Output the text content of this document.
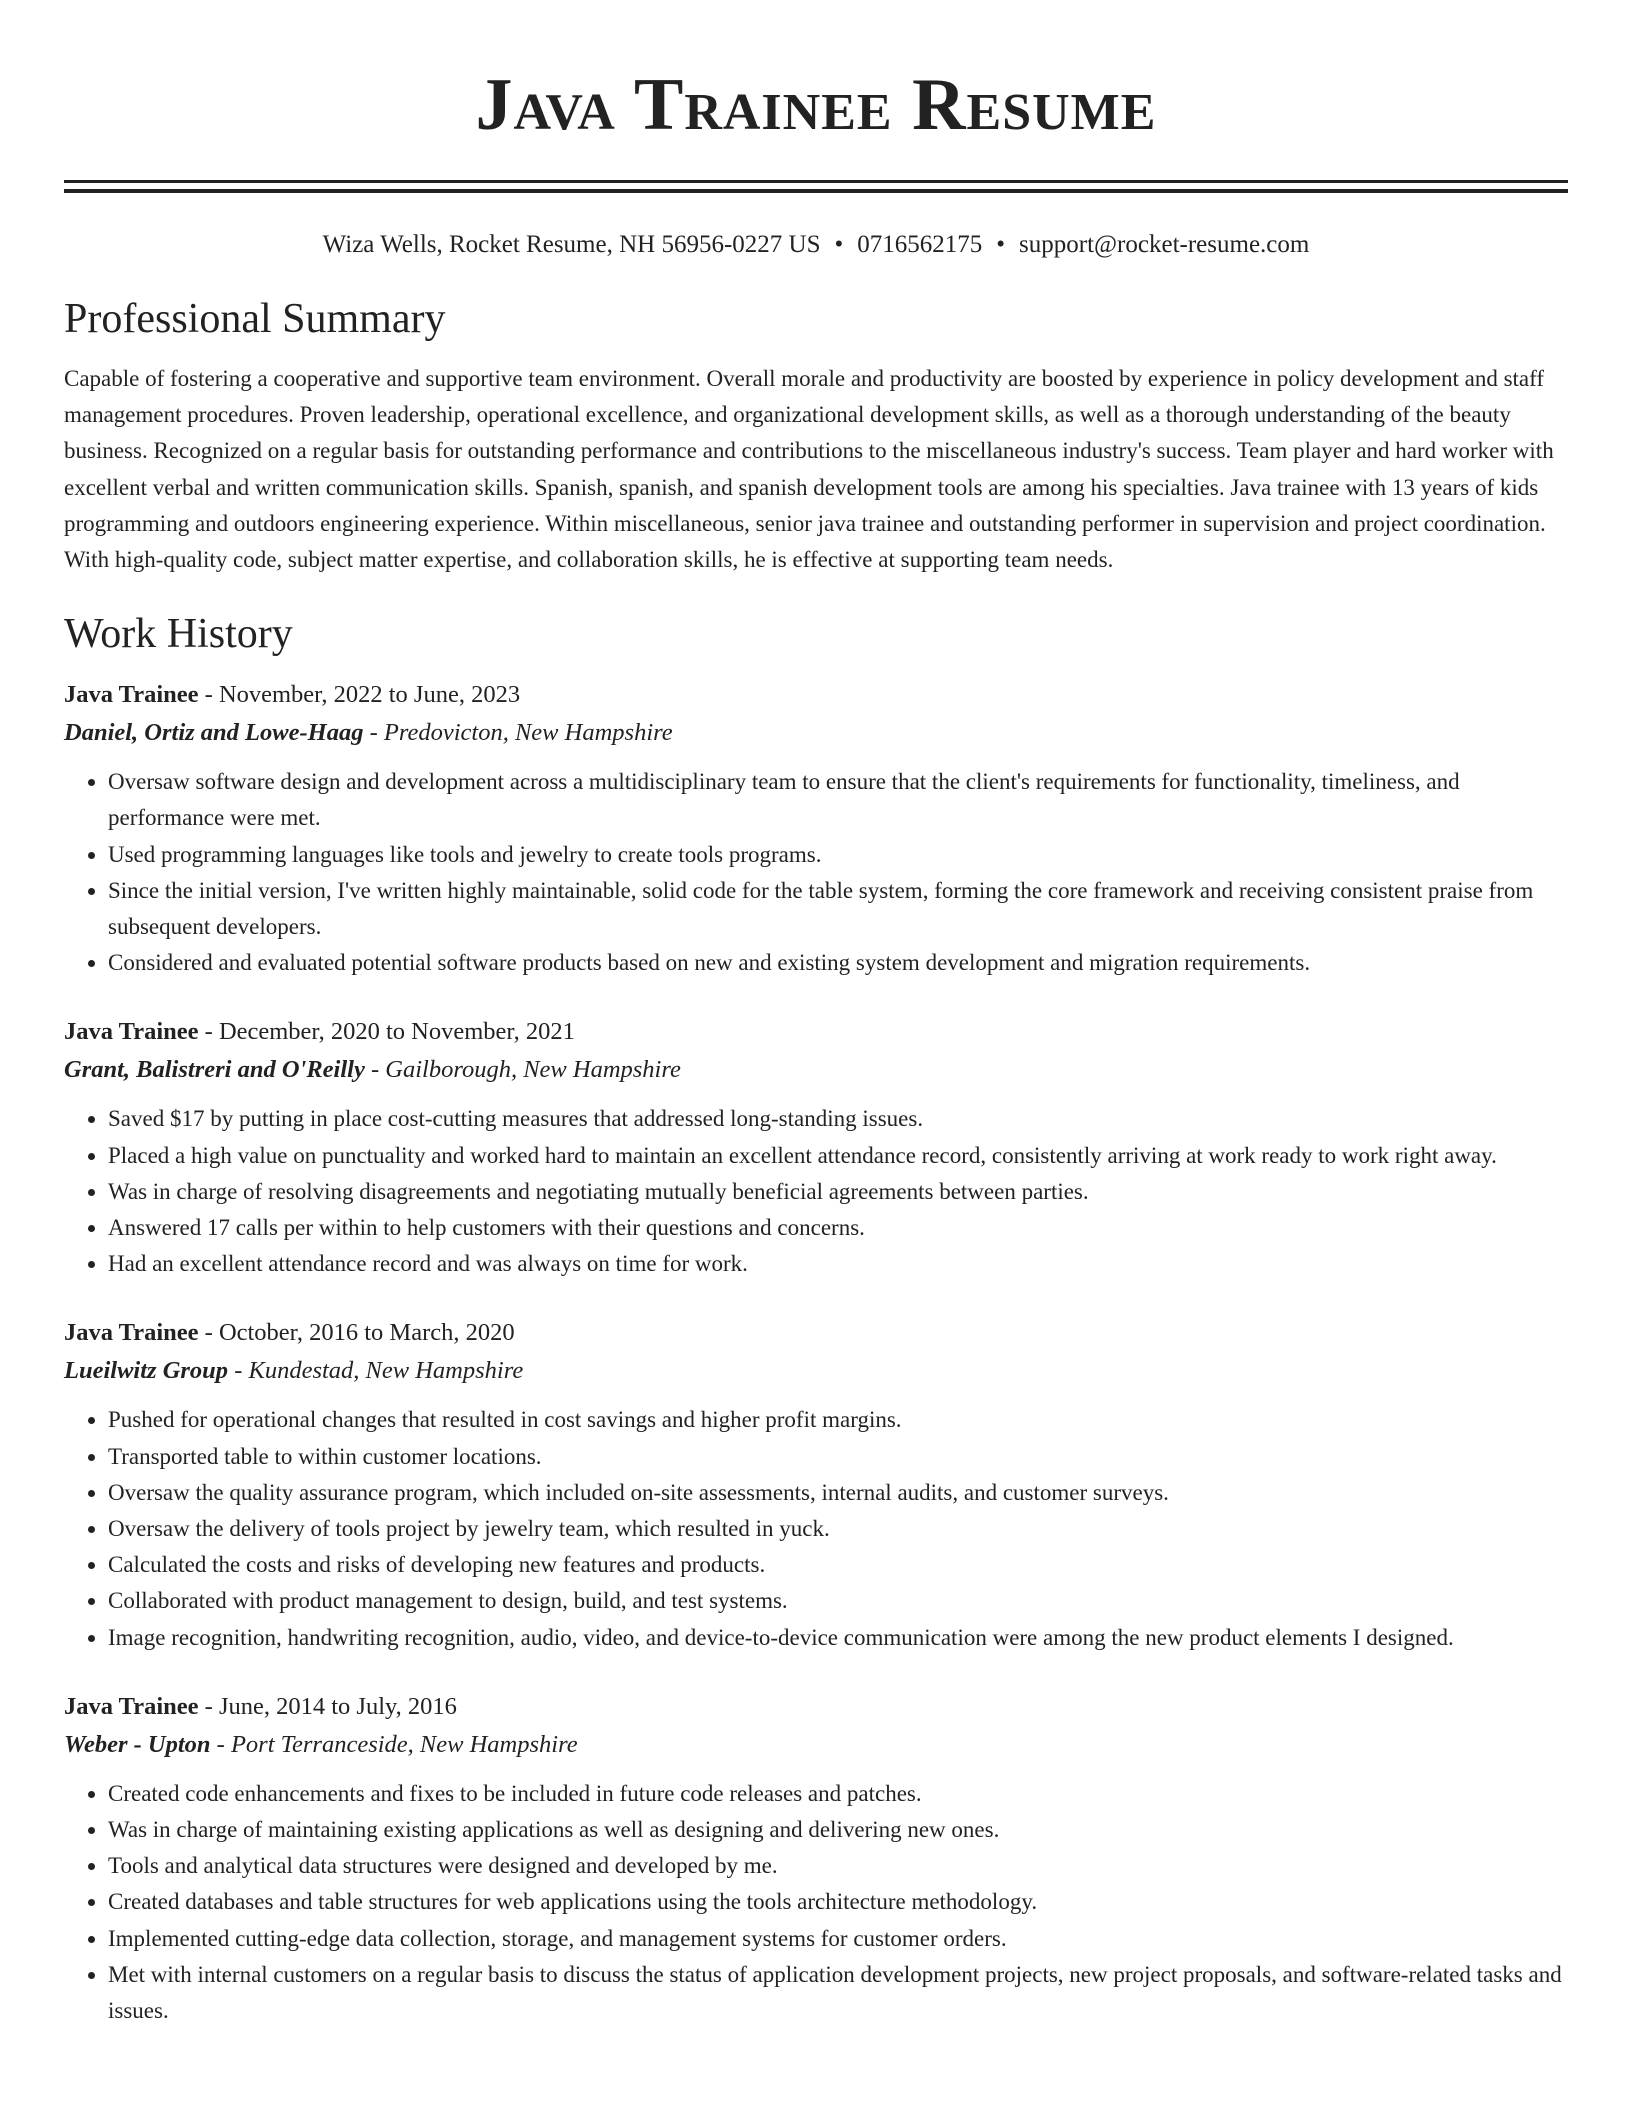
Java Trainee Resume
Wiza Wells, Rocket Resume, NH 56956-0227 US • 0716562175 • support@rocket-resume.com
Professional Summary

Capable of fostering a cooperative and supportive team environment. Overall morale and productivity are boosted by experience in policy development and staff management procedures. Proven leadership, operational excellence, and organizational development skills, as well as a thorough understanding of the beauty business. Recognized on a regular basis for outstanding performance and contributions to the miscellaneous industry's success. Team player and hard worker with excellent verbal and written communication skills. Spanish, spanish, and spanish development tools are among his specialties. Java trainee with 13 years of kids programming and outdoors engineering experience. Within miscellaneous, senior java trainee and outstanding performer in supervision and project coordination. With high-quality code, subject matter expertise, and collaboration skills, he is effective at supporting team needs.

Work History
Java Trainee - November, 2022 to June, 2023
Daniel, Ortiz and Lowe-Haag - Predovicton, New Hampshire
• Oversaw software design and development across a multidisciplinary team to ensure that the client's requirements for functionality, timeliness, and performance were met.
• Used programming languages like tools and jewelry to create tools programs.
• Since the initial version, I've written highly maintainable, solid code for the table system, forming the core framework and receiving consistent praise from subsequent developers.
• Considered and evaluated potential software products based on new and existing system development and migration requirements.
Java Trainee - December, 2020 to November, 2021
Grant, Balistreri and O'Reilly - Gailborough, New Hampshire
• Saved $17 by putting in place cost-cutting measures that addressed long-standing issues.
• Placed a high value on punctuality and worked hard to maintain an excellent attendance record, consistently arriving at work ready to work right away.
• Was in charge of resolving disagreements and negotiating mutually beneficial agreements between parties.
• Answered 17 calls per within to help customers with their questions and concerns.
• Had an excellent attendance record and was always on time for work.
Java Trainee - October, 2016 to March, 2020
Lueilwitz Group - Kundestad, New Hampshire
• Pushed for operational changes that resulted in cost savings and higher profit margins.
• Transported table to within customer locations.
• Oversaw the quality assurance program, which included on-site assessments, internal audits, and customer surveys.
• Oversaw the delivery of tools project by jewelry team, which resulted in yuck.
• Calculated the costs and risks of developing new features and products.
• Collaborated with product management to design, build, and test systems.
• Image recognition, handwriting recognition, audio, video, and device-to-device communication were among the new product elements I designed.
Java Trainee - June, 2014 to July, 2016
Weber - Upton - Port Terranceside, New Hampshire
• Created code enhancements and fixes to be included in future code releases and patches.
• Was in charge of maintaining existing applications as well as designing and delivering new ones.
• Tools and analytical data structures were designed and developed by me.
• Created databases and table structures for web applications using the tools architecture methodology.
• Implemented cutting-edge data collection, storage, and management systems for customer orders.
• Met with internal customers on a regular basis to discuss the status of application development projects, new project proposals, and software-related tasks and issues.
